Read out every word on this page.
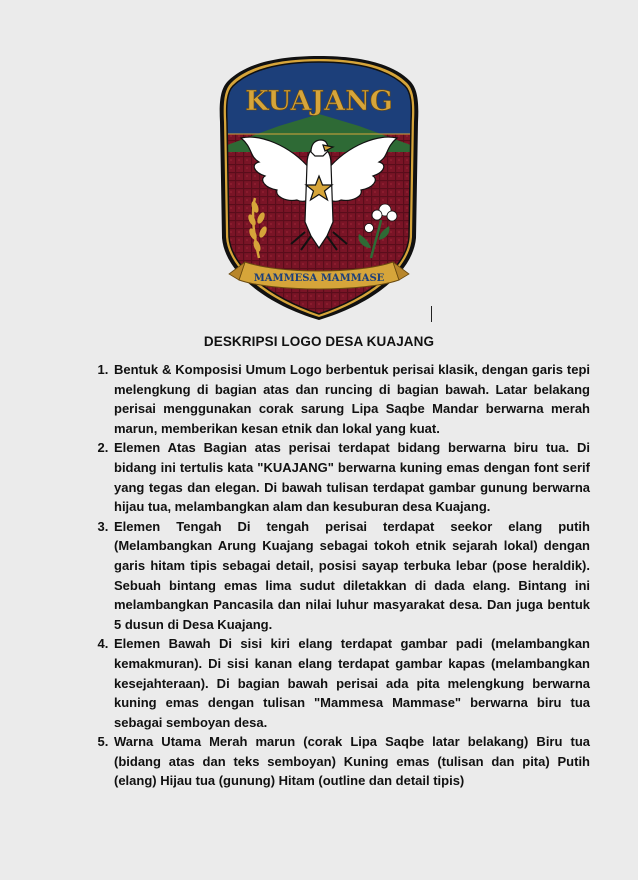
KUAJANG
MAMMESA MAMMASE
DESKRIPSI LOGO DESA KUAJANG
1. Bentuk & Komposisi Umum Logo berbentuk perisai klasik, dengan garis tepi melengkung di bagian atas dan runcing di bagian bawah. Latar belakang perisai menggunakan corak sarung Lipa Saqbe Mandar berwarna merah marun, memberikan kesan etnik dan lokal yang kuat.
2. Elemen Atas Bagian atas perisai terdapat bidang berwarna biru tua. Di bidang ini tertulis kata "KUAJANG" berwarna kuning emas dengan font serif yang tegas dan elegan. Di bawah tulisan terdapat gambar gunung berwarna hijau tua, melambangkan alam dan kesuburan desa Kuajang.
3. Elemen Tengah Di tengah perisai terdapat seekor elang putih (Melambangkan Arung Kuajang sebagai tokoh etnik sejarah lokal) dengan garis hitam tipis sebagai detail, posisi sayap terbuka lebar (pose heraldik). Sebuah bintang emas lima sudut diletakkan di dada elang. Bintang ini melambangkan Pancasila dan nilai luhur masyarakat desa. Dan juga bentuk 5 dusun di Desa Kuajang.
4. Elemen Bawah Di sisi kiri elang terdapat gambar padi (melambangkan kemakmuran). Di sisi kanan elang terdapat gambar kapas (melambangkan kesejahteraan). Di bagian bawah perisai ada pita melengkung berwarna kuning emas dengan tulisan "Mammesa Mammase" berwarna biru tua sebagai semboyan desa.
5. Warna Utama Merah marun (corak Lipa Saqbe latar belakang) Biru tua (bidang atas dan teks semboyan) Kuning emas (tulisan dan pita) Putih (elang) Hijau tua (gunung) Hitam (outline dan detail tipis)
